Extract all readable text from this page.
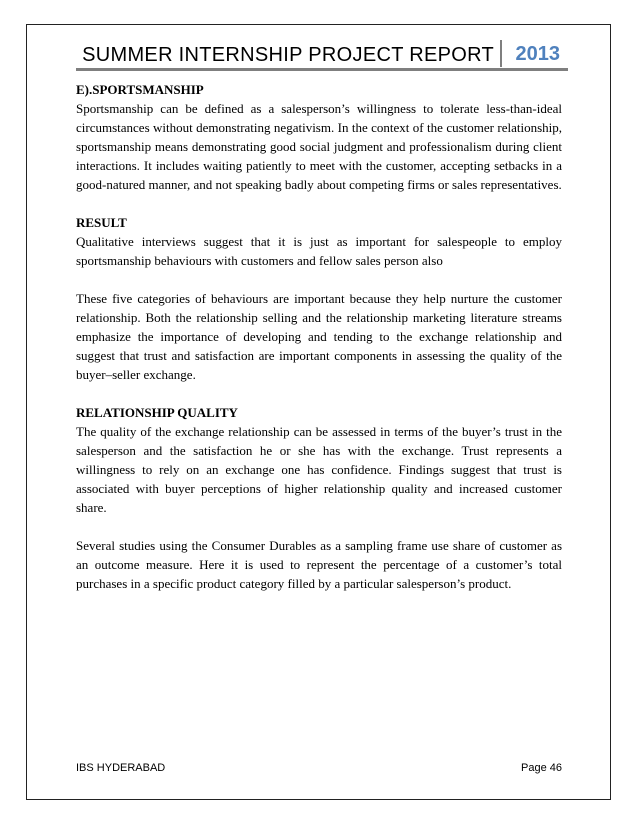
SUMMER INTERNSHIP PROJECT REPORT 2013

E).SPORTSMANSHIP

Sportsmanship can be defined as a salesperson’s willingness to tolerate less-than-ideal circumstances without demonstrating negativism. In the context of the customer relationship, sportsmanship means demonstrating good social judgment and professionalism during client interactions. It includes waiting patiently to meet with the customer, accepting setbacks in a good-natured manner, and not speaking badly about competing firms or sales representatives.

RESULT

Qualitative interviews suggest that it is just as important for salespeople to employ sportsmanship behaviours with customers and fellow sales person also

These five categories of behaviours are important because they help nurture the customer relationship. Both the relationship selling and the relationship marketing literature streams emphasize the importance of developing and tending to the exchange relationship and suggest that trust and satisfaction are important components in assessing the quality of the buyer–seller exchange.

RELATIONSHIP QUALITY

The quality of the exchange relationship can be assessed in terms of the buyer’s trust in the salesperson and the satisfaction he or she has with the exchange. Trust represents a willingness to rely on an exchange one has confidence. Findings suggest that trust is associated with buyer perceptions of higher relationship quality and increased customer share.

Several studies using the Consumer Durables as a sampling frame use share of customer as an outcome measure. Here it is used to represent the percentage of a customer’s total purchases in a specific product category filled by a particular salesperson’s product.

IBS HYDERABAD	Page 46
